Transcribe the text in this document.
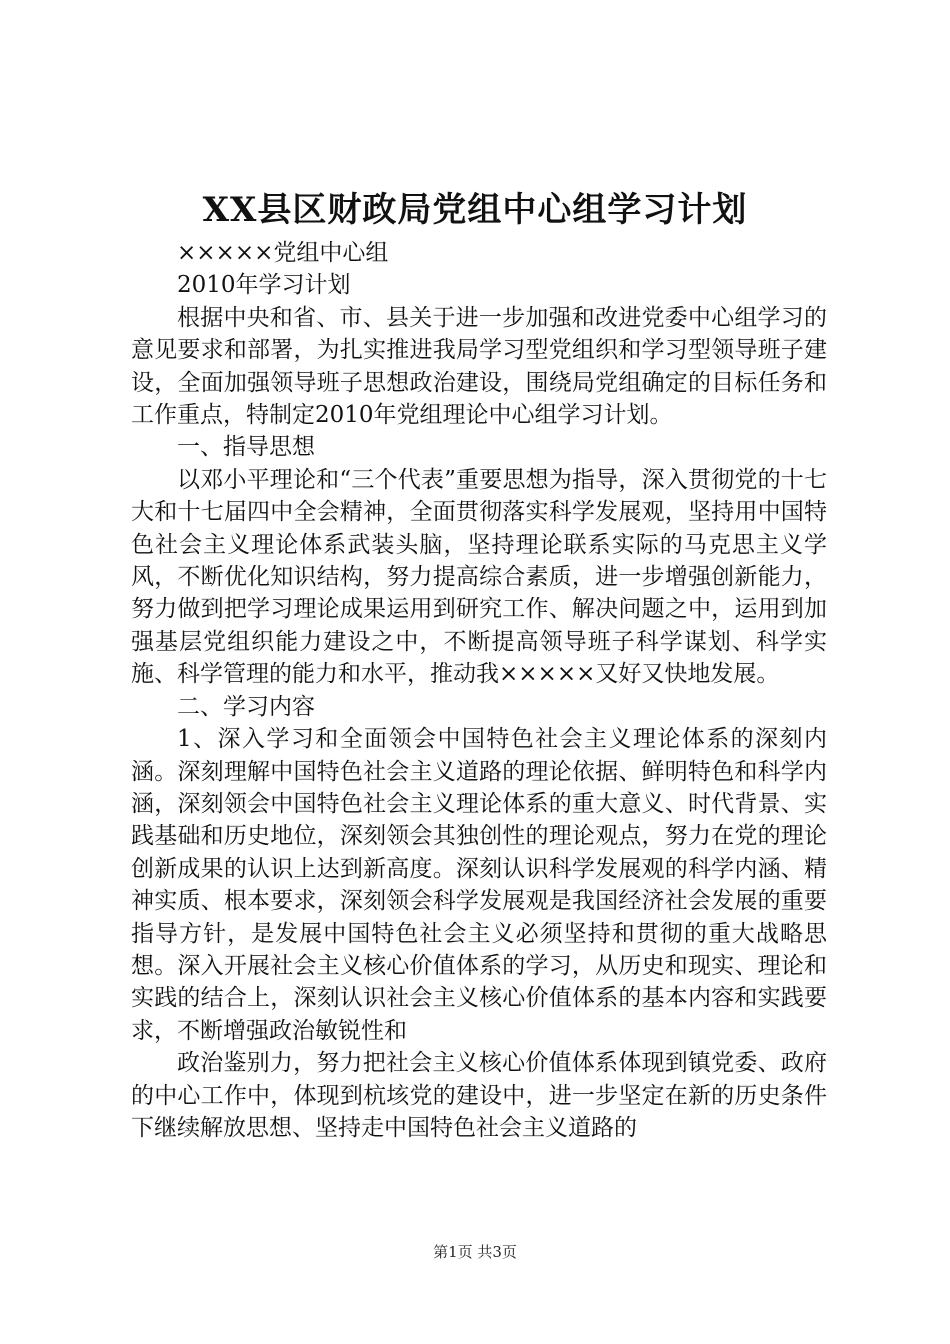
XX县区财政局党组中心组学习计划

×××××党组中心组

2010年学习计划

根据中央和省、市、县关于进一步加强和改进党委中心组学习的意见要求和部署，为扎实推进我局学习型党组织和学习型领导班子建设，全面加强领导班子思想政治建设，围绕局党组确定的目标任务和工作重点，特制定2010年党组理论中心组学习计划。

一、指导思想

以邓小平理论和“三个代表”重要思想为指导，深入贯彻党的十七大和十七届四中全会精神，全面贯彻落实科学发展观，坚持用中国特色社会主义理论体系武装头脑，坚持理论联系实际的马克思主义学风，不断优化知识结构，努力提高综合素质，进一步增强创新能力，努力做到把学习理论成果运用到研究工作、解决问题之中，运用到加强基层党组织能力建设之中，不断提高领导班子科学谋划、科学实施、科学管理的能力和水平，推动我×××××又好又快地发展。

二、学习内容

1、深入学习和全面领会中国特色社会主义理论体系的深刻内涵。深刻理解中国特色社会主义道路的理论依据、鲜明特色和科学内涵，深刻领会中国特色社会主义理论体系的重大意义、时代背景、实践基础和历史地位，深刻领会其独创性的理论观点，努力在党的理论创新成果的认识上达到新高度。深刻认识科学发展观的科学内涵、精神实质、根本要求，深刻领会科学发展观是我国经济社会发展的重要指导方针，是发展中国特色社会主义必须坚持和贯彻的重大战略思想。深入开展社会主义核心价值体系的学习，从历史和现实、理论和实践的结合上，深刻认识社会主义核心价值体系的基本内容和实践要求，不断增强政治敏锐性和

政治鉴别力，努力把社会主义核心价值体系体现到镇党委、政府的中心工作中，体现到杭垓党的建设中，进一步坚定在新的历史条件下继续解放思想、坚持走中国特色社会主义道路的

第1页 共3页
